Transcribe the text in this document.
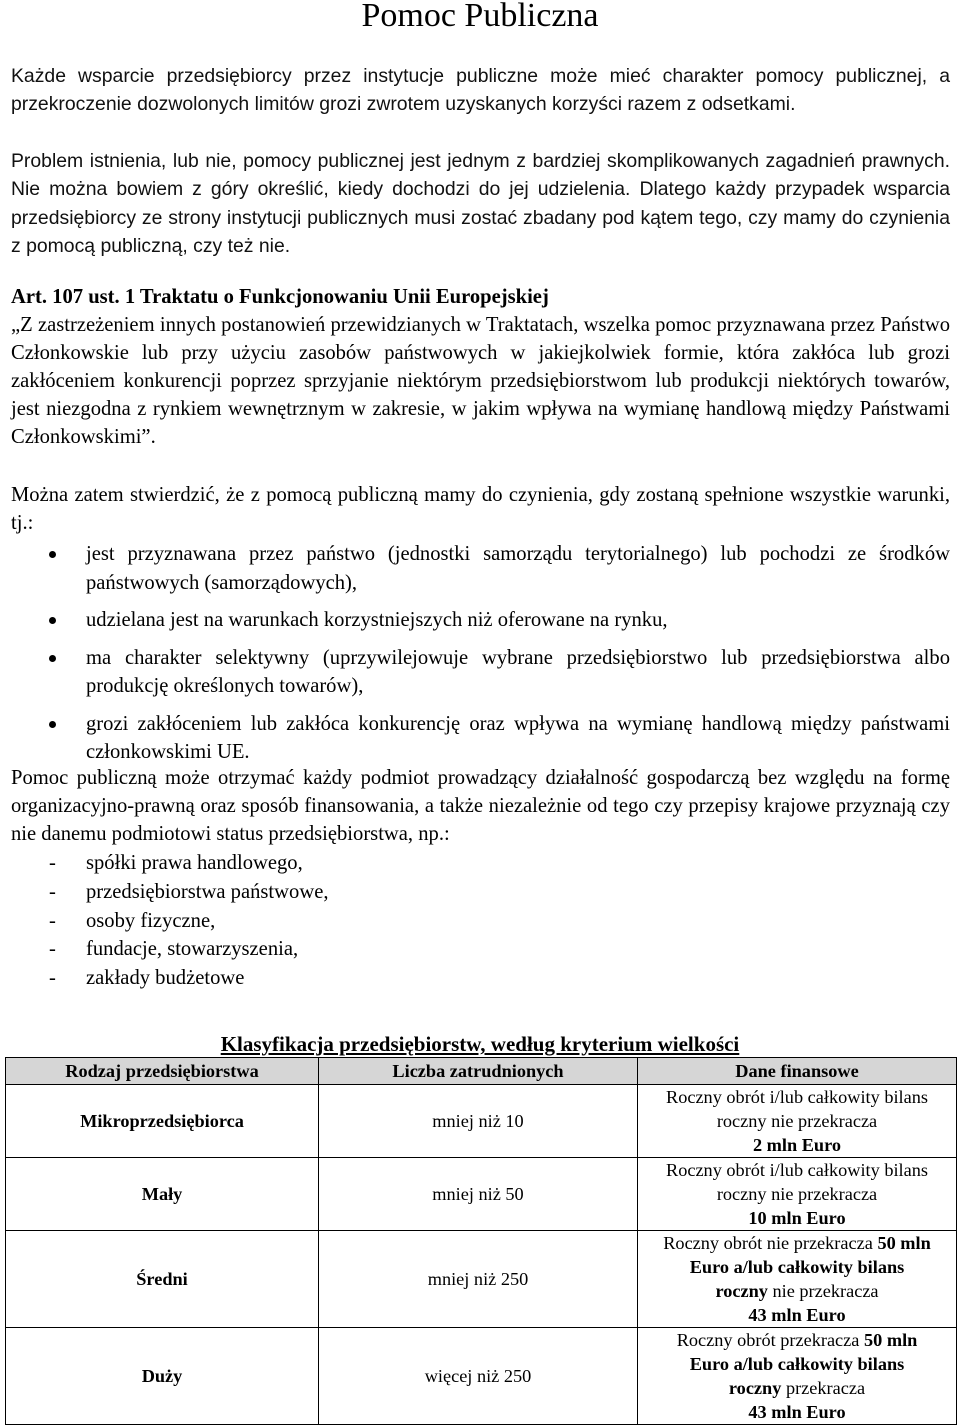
Pomoc Publiczna

Każde wsparcie przedsiębiorcy przez instytucje publiczne może mieć charakter pomocy publicznej, a przekroczenie dozwolonych limitów grozi zwrotem uzyskanych korzyści razem z odsetkami.

Problem istnienia, lub nie, pomocy publicznej jest jednym z bardziej skomplikowanych zagadnień prawnych. Nie można bowiem z góry określić, kiedy dochodzi do jej udzielenia. Dlatego każdy przypadek wsparcia przedsiębiorcy ze strony instytucji publicznych musi zostać zbadany pod kątem tego, czy mamy do czynienia z pomocą publiczną, czy też nie.

Art. 107 ust. 1 Traktatu o Funkcjonowaniu Unii Europejskiej

„Z zastrzeżeniem innych postanowień przewidzianych w Traktatach, wszelka pomoc przyznawana przez Państwo Członkowskie lub przy użyciu zasobów państwowych w jakiejkolwiek formie, która zakłóca lub grozi zakłóceniem konkurencji poprzez sprzyjanie niektórym przedsiębiorstwom lub produkcji niektórych towarów, jest niezgodna z rynkiem wewnętrznym w zakresie, w jakim wpływa na wymianę handlową między Państwami Członkowskimi”.

Można zatem stwierdzić, że z pomocą publiczną mamy do czynienia, gdy zostaną spełnione wszystkie warunki, tj.:

jest przyznawana przez państwo (jednostki samorządu terytorialnego) lub pochodzi ze środków państwowych (samorządowych),
udzielana jest na warunkach korzystniejszych niż oferowane na rynku,
ma charakter selektywny (uprzywilejowuje wybrane przedsiębiorstwo lub przedsiębiorstwa albo produkcję określonych towarów),
grozi zakłóceniem lub zakłóca konkurencję oraz wpływa na wymianę handlową między państwami członkowskimi UE.

Pomoc publiczną może otrzymać każdy podmiot prowadzący działalność gospodarczą bez względu na formę organizacyjno-prawną oraz sposób finansowania, a także niezależnie od tego czy przepisy krajowe przyznają czy nie danemu podmiotowi status przedsiębiorstwa, np.:

- spółki prawa handlowego,
- przedsiębiorstwa państwowe,
- osoby fizyczne,
- fundacje, stowarzyszenia,
- zakłady budżetowe

Klasyfikacja przedsiębiorstw, według kryterium wielkości

Rodzaj przedsiębiorstwa	Liczba zatrudnionych	Dane finansowe
Mikroprzedsiębiorca	mniej niż 10	Roczny obrót i/lub całkowity bilans
roczny nie przekracza
2 mln Euro

Mały	mniej niż 50	Roczny obrót i/lub całkowity bilans
roczny nie przekracza
10 mln Euro

Średni	mniej niż 250	Roczny obrót nie przekracza 50 mln
Euro a/lub całkowity bilans
roczny nie przekracza
43 mln Euro

Duży	więcej niż 250	Roczny obrót przekracza 50 mln
Euro a/lub całkowity bilans
roczny przekracza
43 mln Euro
